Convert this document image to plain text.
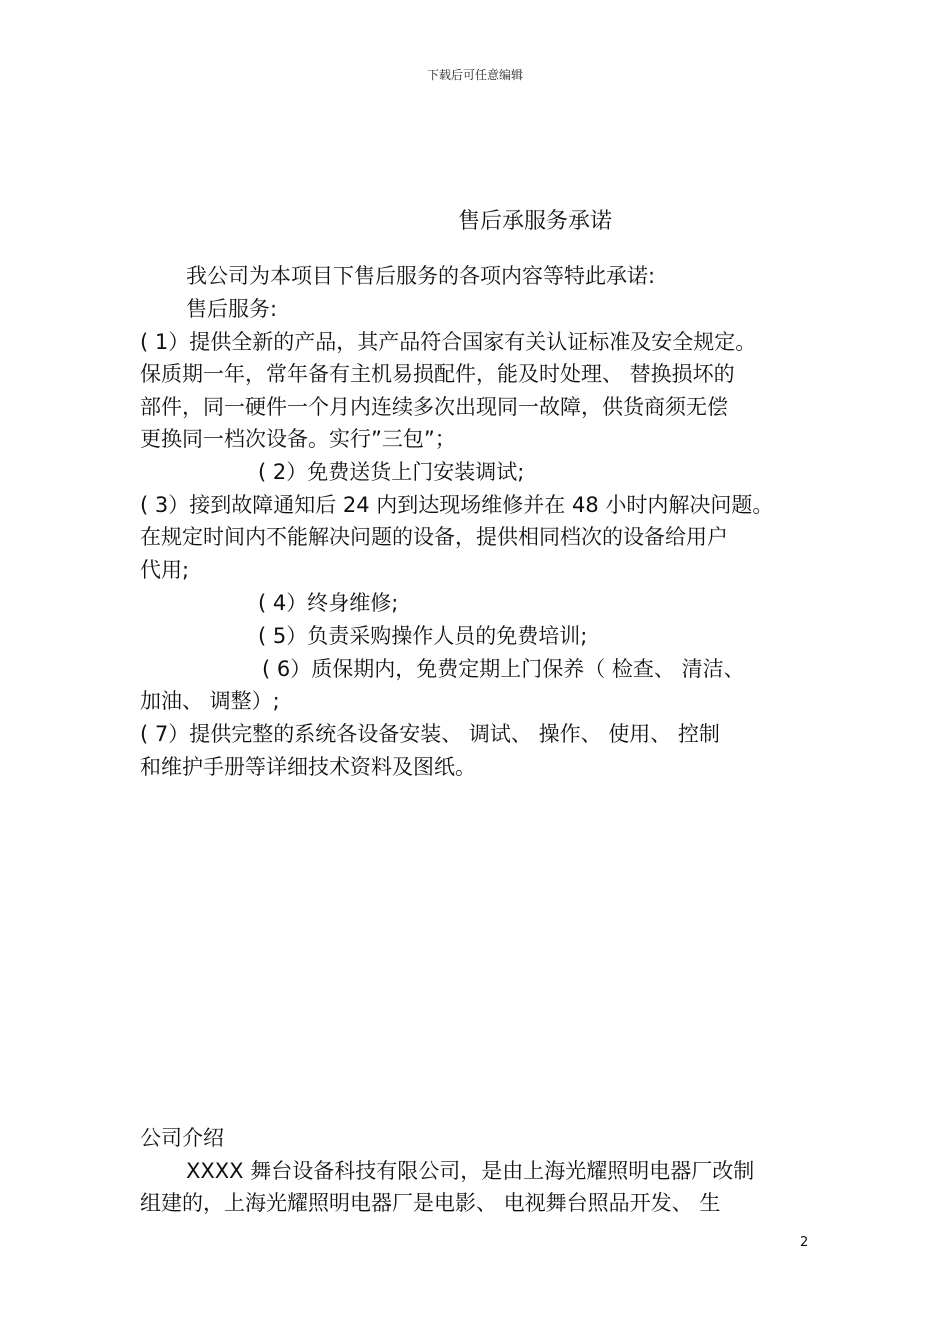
下载后可任意编辑
售后承服务承诺
我公司为本项目下售后服务的各项内容等特此承诺:
售后服务:
( 1）提供全新的产品，其产品符合国家有关认证标准及安全规定。
保质期一年，常年备有主机易损配件，能及时处理、 替换损坏的
部件，同一硬件一个月内连续多次出现同一故障，供货商须无偿
更换同一档次设备。实行”三包”；
( 2）免费送货上门安装调试;
( 3）接到故障通知后 24 内到达现场维修并在 48 小时内解决问题。
在规定时间内不能解决问题的设备，提供相同档次的设备给用户
代用;
( 4）终身维修;
( 5）负责采购操作人员的免费培训;
( 6）质保期内，免费定期上门保养（ 检查、 清洁、
加油、 调整）;
( 7）提供完整的系统各设备安装、 调试、 操作、 使用、 控制
和维护手册等详细技术资料及图纸。
公司介绍
XXXX 舞台设备科技有限公司，是由上海光耀照明电器厂改制
组建的，上海光耀照明电器厂是电影、 电视舞台照品开发、 生
2
